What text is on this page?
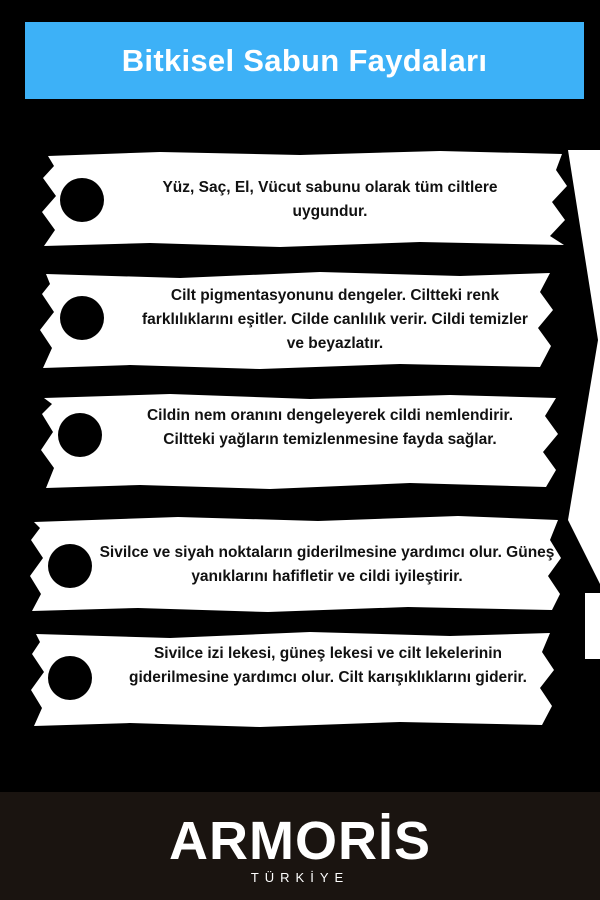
Bitkisel Sabun Faydaları
Yüz, Saç, El, Vücut sabunu olarak tüm ciltlere uygundur.
Cilt pigmentasyonunu dengeler. Ciltteki renk farklılıklarını eşitler. Cilde canlılık verir. Cildi temizler ve beyazlatır.
Cildin nem oranını dengeleyerek cildi nemlendirir. Ciltteki yağların temizlenmesine fayda sağlar.
Sivilce ve siyah noktaların giderilmesine yardımcı olur. Güneş yanıklarını hafifletir ve cildi iyileştirir.
Sivilce izi lekesi, güneş lekesi ve cilt lekelerinin giderilmesine yardımcı olur. Cilt karışıklıklarını giderir.
ARMORİS
TÜRKİYE
